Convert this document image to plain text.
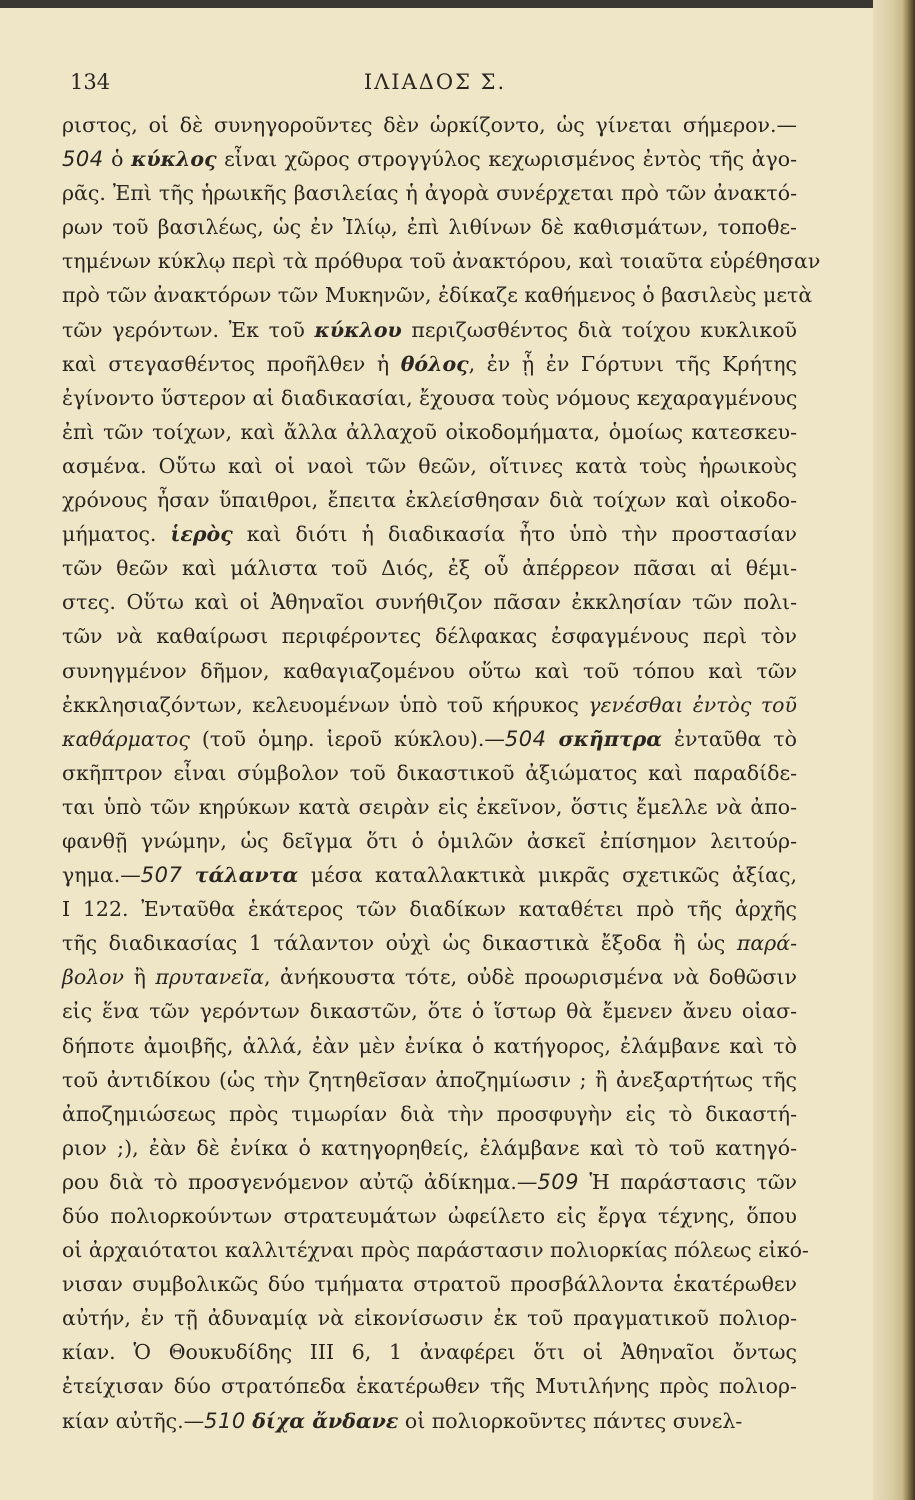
134	ΙΛΙΑΔΟΣ Σ.
ριστος, οἱ δὲ συνηγοροῦντες δὲν ὡρκίζοντο, ὡς γίνεται σήμερον.—
504 ὁ κύκλος εἶναι χῶρος στρογγύλος κεχωρισμένος ἐντὸς τῆς ἀγο-
ρᾶς. Ἐπὶ τῆς ἡρωικῆς βασιλείας ἡ ἀγορὰ συνέρχεται πρὸ τῶν ἀνακτό-
ρων τοῦ βασιλέως, ὡς ἐν Ἰλίῳ, ἐπὶ λιθίνων δὲ καθισμάτων, τοποθε-
τημένων κύκλῳ περὶ τὰ πρόθυρα τοῦ ἀνακτόρου, καὶ τοιαῦτα εὑρέθησαν
πρὸ τῶν ἀνακτόρων τῶν Μυκηνῶν, ἐδίκαζε καθήμενος ὁ βασιλεὺς μετὰ
τῶν γερόντων. Ἐκ τοῦ κύκλου περιζωσθέντος διὰ τοίχου κυκλικοῦ
καὶ στεγασθέντος προῆλθεν ἡ θόλος, ἐν ᾗ ἐν Γόρτυνι τῆς Κρήτης
ἐγίνοντο ὕστερον αἱ διαδικασίαι, ἔχουσα τοὺς νόμους κεχαραγμένους
ἐπὶ τῶν τοίχων, καὶ ἄλλα ἀλλαχοῦ οἰκοδομήματα, ὁμοίως κατεσκευ-
ασμένα. Οὕτω καὶ οἱ ναοὶ τῶν θεῶν, οἵτινες κατὰ τοὺς ἡρωικοὺς
χρόνους ἦσαν ὕπαιθροι, ἔπειτα ἐκλείσθησαν διὰ τοίχων καὶ οἰκοδο-
μήματος. ἱερὸς καὶ διότι ἡ διαδικασία ἦτο ὑπὸ τὴν προστασίαν
τῶν θεῶν καὶ μάλιστα τοῦ Διός, ἐξ οὗ ἀπέρρεον πᾶσαι αἱ θέμι-
στες. Οὕτω καὶ οἱ Ἀθηναῖοι συνήθιζον πᾶσαν ἐκκλησίαν τῶν πολι-
τῶν νὰ καθαίρωσι περιφέροντες δέλφακας ἐσφαγμένους περὶ τὸν
συνηγμένον δῆμον, καθαγιαζομένου οὕτω καὶ τοῦ τόπου καὶ τῶν
ἐκκλησιαζόντων, κελευομένων ὑπὸ τοῦ κήρυκος γενέσθαι ἐντὸς τοῦ
καθάρματος (τοῦ ὁμηρ. ἱεροῦ κύκλου).—504 σκῆπτρα ἐνταῦθα τὸ
σκῆπτρον εἶναι σύμβολον τοῦ δικαστικοῦ ἀξιώματος καὶ παραδίδε-
ται ὑπὸ τῶν κηρύκων κατὰ σειρὰν εἰς ἐκεῖνον, ὅστις ἔμελλε νὰ ἀπο-
φανθῇ γνώμην, ὡς δεῖγμα ὅτι ὁ ὁμιλῶν ἀσκεῖ ἐπίσημον λειτούρ-
γημα.—507 τάλαντα μέσα καταλλακτικὰ μικρᾶς σχετικῶς ἀξίας,
Ι 122. Ἐνταῦθα ἑκάτερος τῶν διαδίκων καταθέτει πρὸ τῆς ἀρχῆς
τῆς διαδικασίας 1 τάλαντον οὐχὶ ὡς δικαστικὰ ἔξοδα ἢ ὡς παρά-
βολον ἢ πρυτανεῖα, ἀνήκουστα τότε, οὐδὲ προωρισμένα νὰ δοθῶσιν
εἰς ἕνα τῶν γερόντων δικαστῶν, ὅτε ὁ ἵστωρ θὰ ἔμενεν ἄνευ οἱασ-
δήποτε ἀμοιβῆς, ἀλλά, ἐὰν μὲν ἐνίκα ὁ κατήγορος, ἐλάμβανε καὶ τὸ
τοῦ ἀντιδίκου (ὡς τὴν ζητηθεῖσαν ἀποζημίωσιν ; ἢ ἀνεξαρτήτως τῆς
ἀποζημιώσεως πρὸς τιμωρίαν διὰ τὴν προσφυγὴν εἰς τὸ δικαστή-
ριον ;), ἐὰν δὲ ἐνίκα ὁ κατηγορηθείς, ἐλάμβανε καὶ τὸ τοῦ κατηγό-
ρου διὰ τὸ προσγενόμενον αὐτῷ ἀδίκημα.—509 Ἡ παράστασις τῶν
δύο πολιορκούντων στρατευμάτων ὠφείλετο εἰς ἔργα τέχνης, ὅπου
οἱ ἀρχαιότατοι καλλιτέχναι πρὸς παράστασιν πολιορκίας πόλεως εἰκό-
νισαν συμβολικῶς δύο τμήματα στρατοῦ προσβάλλοντα ἑκατέρωθεν
αὐτήν, ἐν τῇ ἀδυναμίᾳ νὰ εἰκονίσωσιν ἐκ τοῦ πραγματικοῦ πολιορ-
κίαν. Ὁ Θουκυδίδης ΙΙΙ 6, 1 ἀναφέρει ὅτι οἱ Ἀθηναῖοι ὄντως
ἐτείχισαν δύο στρατόπεδα ἑκατέρωθεν τῆς Μυτιλήνης πρὸς πολιορ-
κίαν αὐτῆς.—510 δίχα ἄνδανε οἱ πολιορκοῦντες πάντες συνελ-
